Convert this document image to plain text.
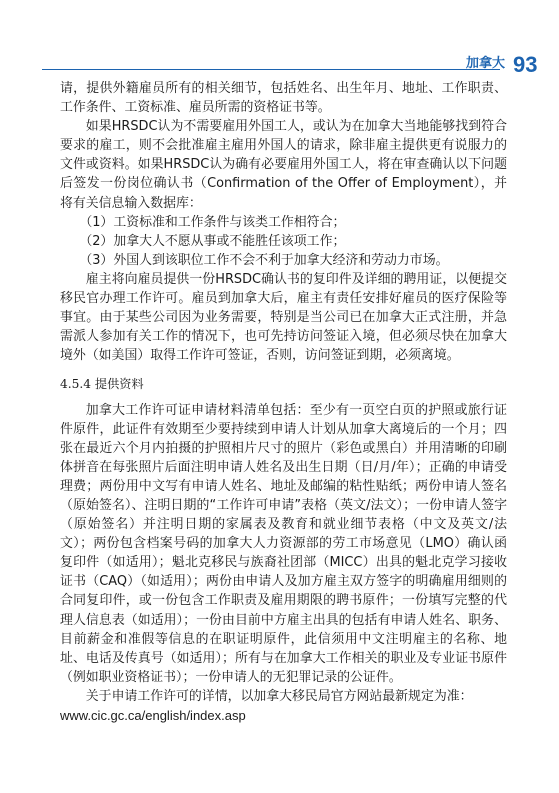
加拿大 93

请，提供外籍雇员所有的相关细节，包括姓名、出生年月、地址、工作职责、工作条件、工资标准、雇员所需的资格证书等。

如果HRSDC认为不需要雇用外国工人，或认为在加拿大当地能够找到符合要求的雇工，则不会批准雇主雇用外国人的请求，除非雇主提供更有说服力的文件或资料。如果HRSDC认为确有必要雇用外国工人，将在审查确认以下问题后签发一份岗位确认书（Confirmation of the Offer of Employment），并将有关信息输入数据库：

（1）工资标准和工作条件与该类工作相符合；

（2）加拿大人不愿从事或不能胜任该项工作；

（3）外国人到该职位工作不会不利于加拿大经济和劳动力市场。

雇主将向雇员提供一份HRSDC确认书的复印件及详细的聘用证，以便提交移民官办理工作许可。雇员到加拿大后，雇主有责任安排好雇员的医疗保险等事宜。由于某些公司因为业务需要，特别是当公司已在加拿大正式注册，并急需派人参加有关工作的情况下，也可先持访问签证入境，但必须尽快在加拿大境外（如美国）取得工作许可签证，否则，访问签证到期，必须离境。

4.5.4 提供资料

加拿大工作许可证申请材料清单包括：至少有一页空白页的护照或旅行证件原件，此证件有效期至少要持续到申请人计划从加拿大离境后的一个月；四张在最近六个月内拍摄的护照相片尺寸的照片（彩色或黑白）并用清晰的印刷体拼音在每张照片后面注明申请人姓名及出生日期（日/月/年）；正确的申请受理费；两份用中文写有申请人姓名、地址及邮编的粘性贴纸；两份申请人签名（原始签名）、注明日期的“工作许可申请”表格（英文/法文）；一份申请人签字（原始签名）并注明日期的家属表及教育和就业细节表格（中文及英文/法文）；两份包含档案号码的加拿大人力资源部的劳工市场意见（LMO）确认函复印件（如适用）；魁北克移民与族裔社团部（MICC）出具的魁北克学习接收证书（CAQ）（如适用）；两份由申请人及加方雇主双方签字的明确雇用细则的合同复印件，或一份包含工作职责及雇用期限的聘书原件；一份填写完整的代理人信息表（如适用）；一份由目前中方雇主出具的包括有申请人姓名、职务、目前薪金和准假等信息的在职证明原件，此信须用中文注明雇主的名称、地址、电话及传真号（如适用）；所有与在加拿大工作相关的职业及专业证书原件（例如职业资格证书）；一份申请人的无犯罪记录的公证件。

关于申请工作许可的详情，以加拿大移民局官方网站最新规定为准：

www.cic.gc.ca/english/index.asp
